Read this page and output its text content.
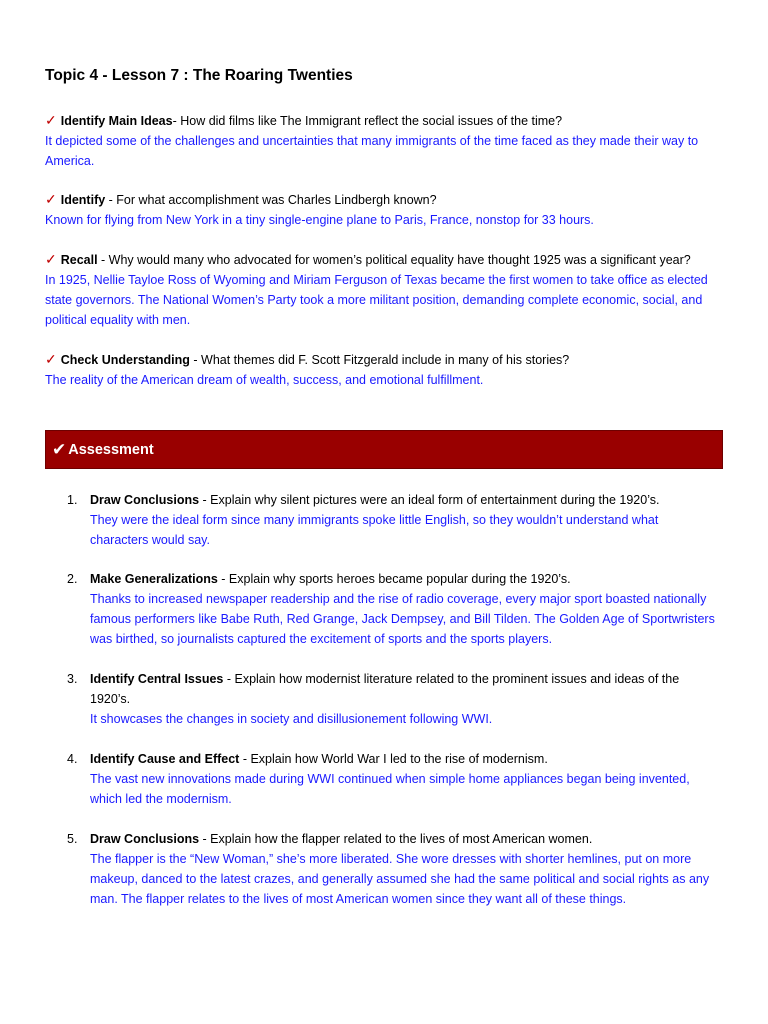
Topic 4 - Lesson 7 : The Roaring Twenties
✓ Identify Main Ideas- How did films like The Immigrant reflect the social issues of the time?
It depicted some of the challenges and uncertainties that many immigrants of the time faced as they made their way to America.
✓ Identify - For what accomplishment was Charles Lindbergh known?
Known for flying from New York in a tiny single-engine plane to Paris, France, nonstop for 33 hours.
✓ Recall - Why would many who advocated for women’s political equality have thought 1925 was a significant year?
In 1925, Nellie Tayloe Ross of Wyoming and Miriam Ferguson of Texas became the first women to take office as elected state governors. The National Women’s Party took a more militant position, demanding complete economic, social, and political equality with men.
✓ Check Understanding - What themes did F. Scott Fitzgerald include in many of his stories?
The reality of the American dream of wealth, success, and emotional fulfillment.
✔ Assessment
1.	Draw Conclusions - Explain why silent pictures were an ideal form of entertainment during the 1920’s.
They were the ideal form since many immigrants spoke little English, so they wouldn’t understand what characters would say.
2.	Make Generalizations - Explain why sports heroes became popular during the 1920’s.
Thanks to increased newspaper readership and the rise of radio coverage, every major sport boasted nationally famous performers like Babe Ruth, Red Grange, Jack Dempsey, and Bill Tilden. The Golden Age of Sportwristers was birthed, so journalists captured the excitement of sports and the sports players.
3.	Identify Central Issues - Explain how modernist literature related to the prominent issues and ideas of the 1920’s.
It showcases the changes in society and disillusionement following WWI.
4.	Identify Cause and Effect - Explain how World War I led to the rise of modernism.
The vast new innovations made during WWI continued when simple home appliances began being invented, which led the modernism.
5.	Draw Conclusions - Explain how the flapper related to the lives of most American women.
The flapper is the “New Woman,” she’s more liberated. She wore dresses with shorter hemlines, put on more makeup, danced to the latest crazes, and generally assumed she had the same political and social rights as any man. The flapper relates to the lives of most American women since they want all of these things.
